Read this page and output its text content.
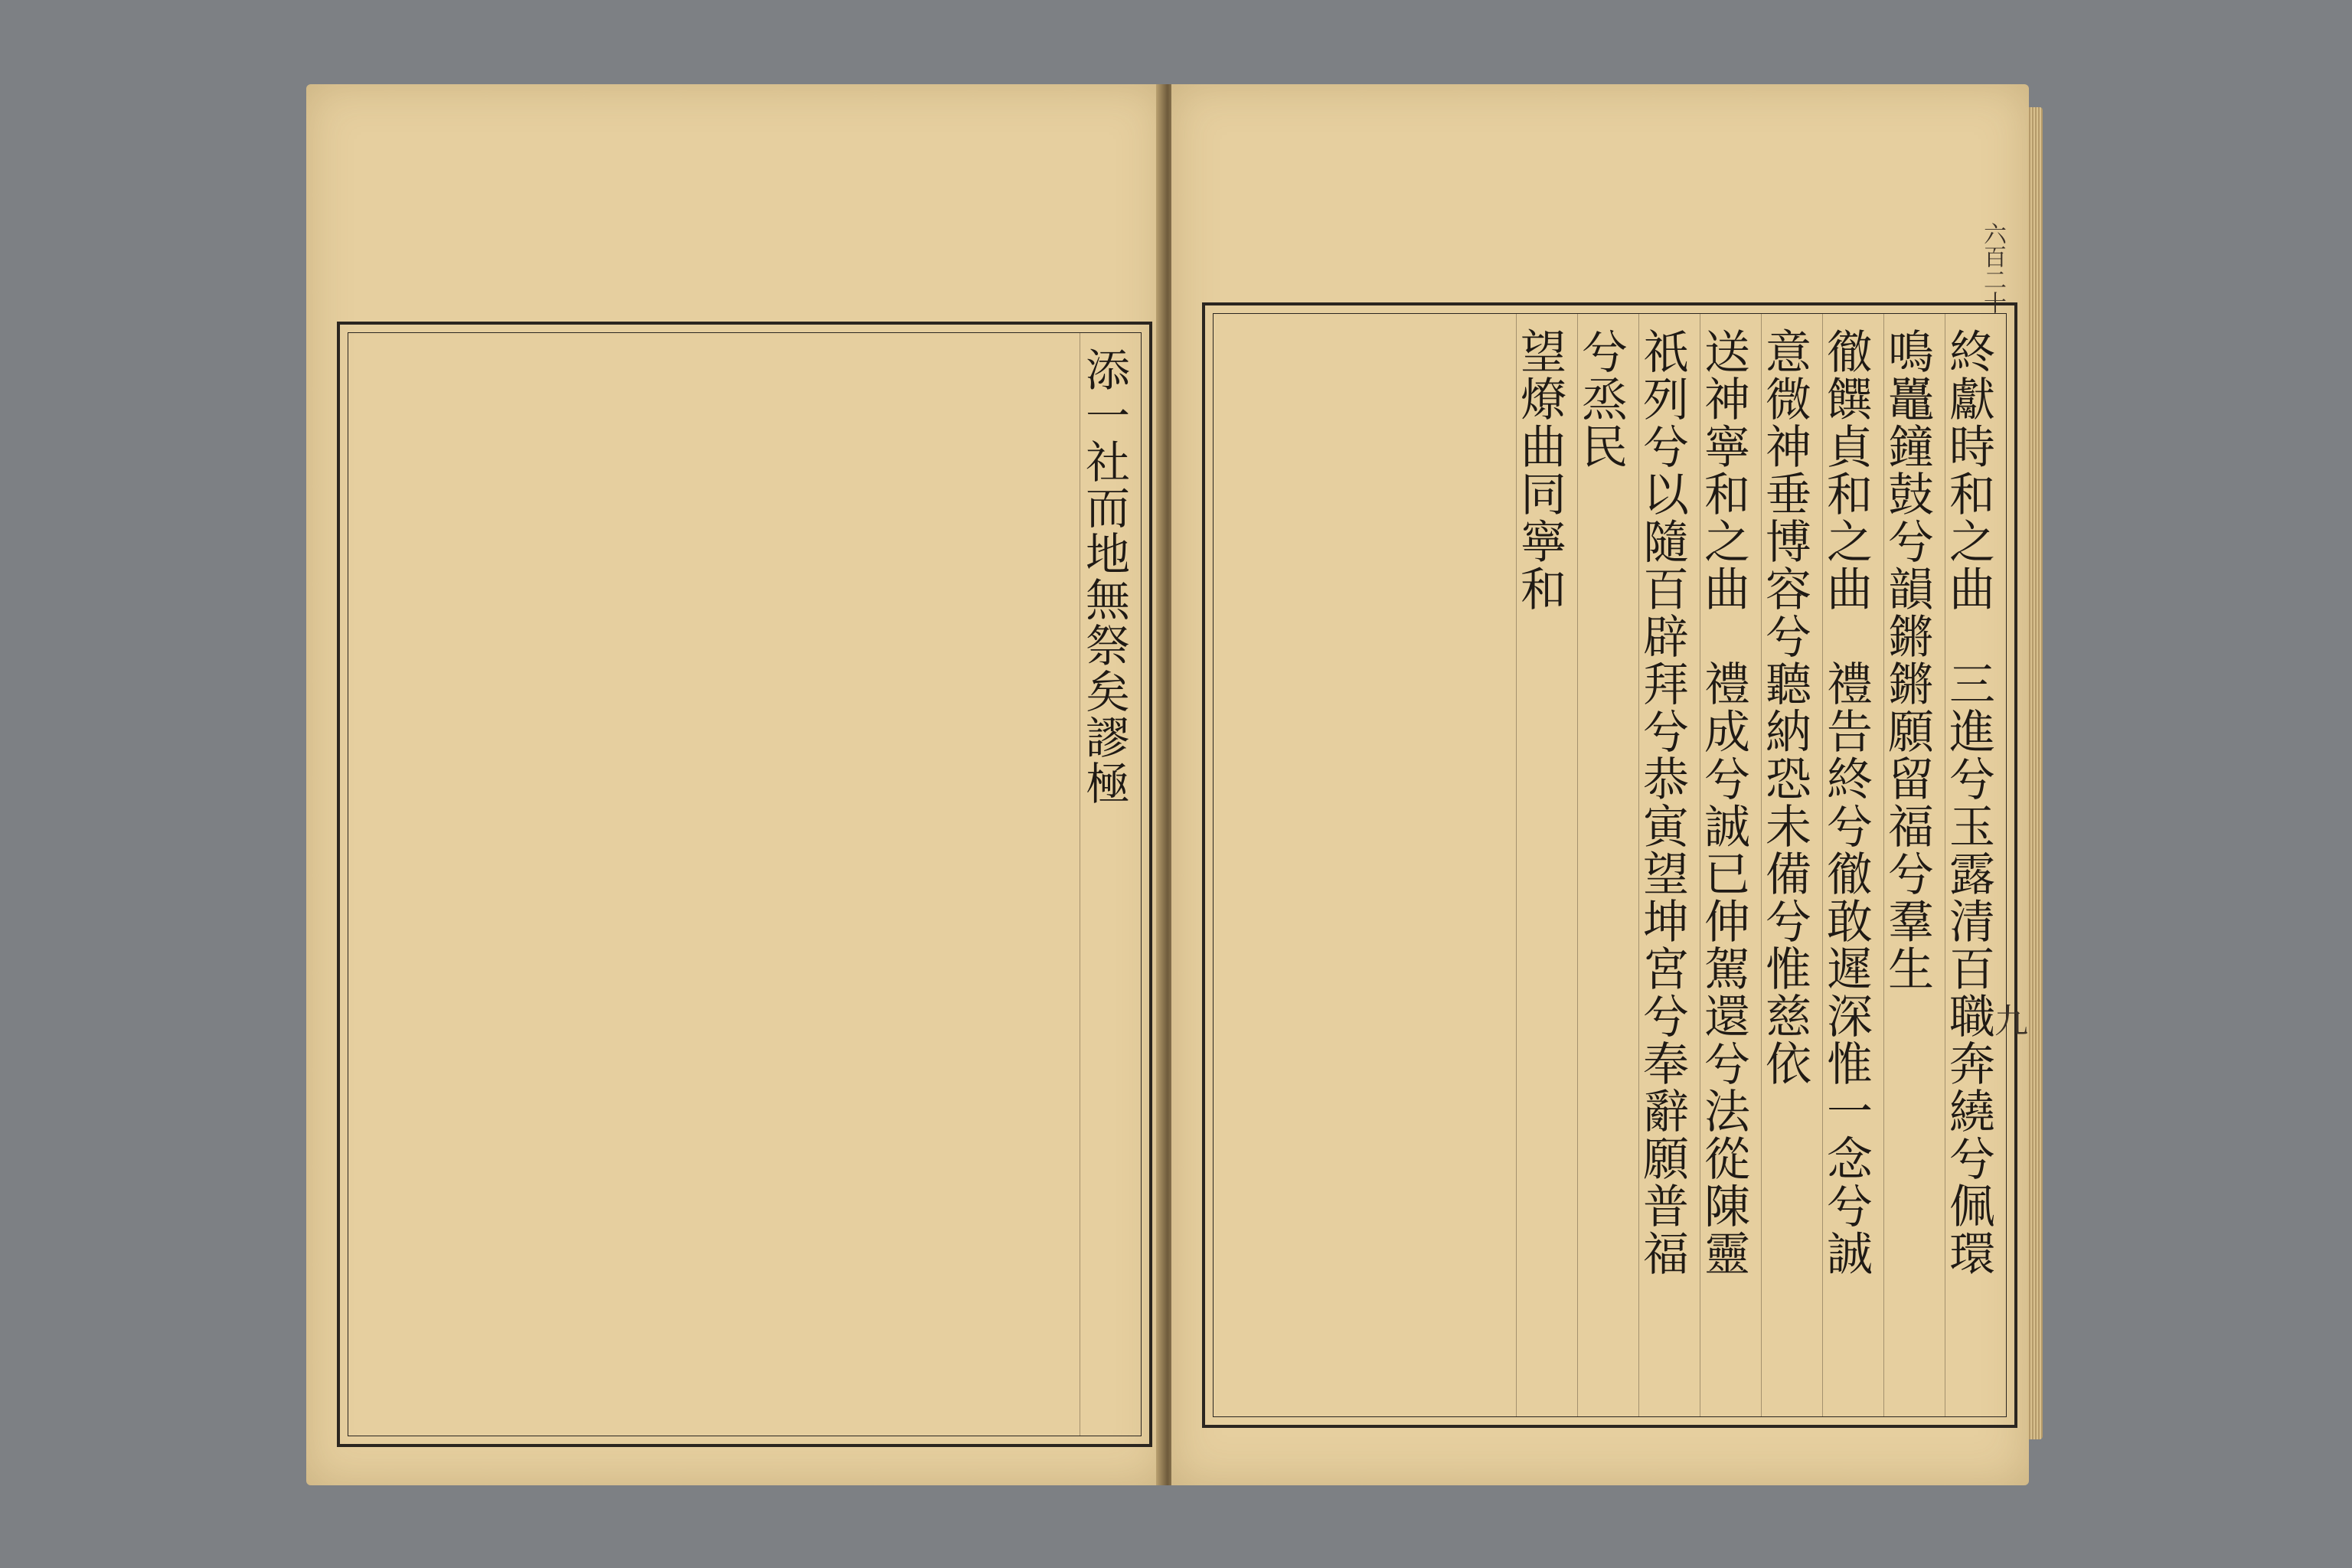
添一社而地無祭矣謬極
六百二十
終獻時和之曲　三進兮玉露清百職奔繞兮佩環
鳴鼉鐘鼓兮韻鏘鏘願留福兮羣生
徹饌貞和之曲　禮告終兮徹敢遲深惟一念兮誠
意微神垂博容兮聽納恐未備兮惟慈依
送神寧和之曲　禮成兮誠已伸駕還兮法從陳靈
祇列兮以隨百辟拜兮恭寅望坤宮兮奉辭願普福
兮烝民
望燎曲同寧和
九
